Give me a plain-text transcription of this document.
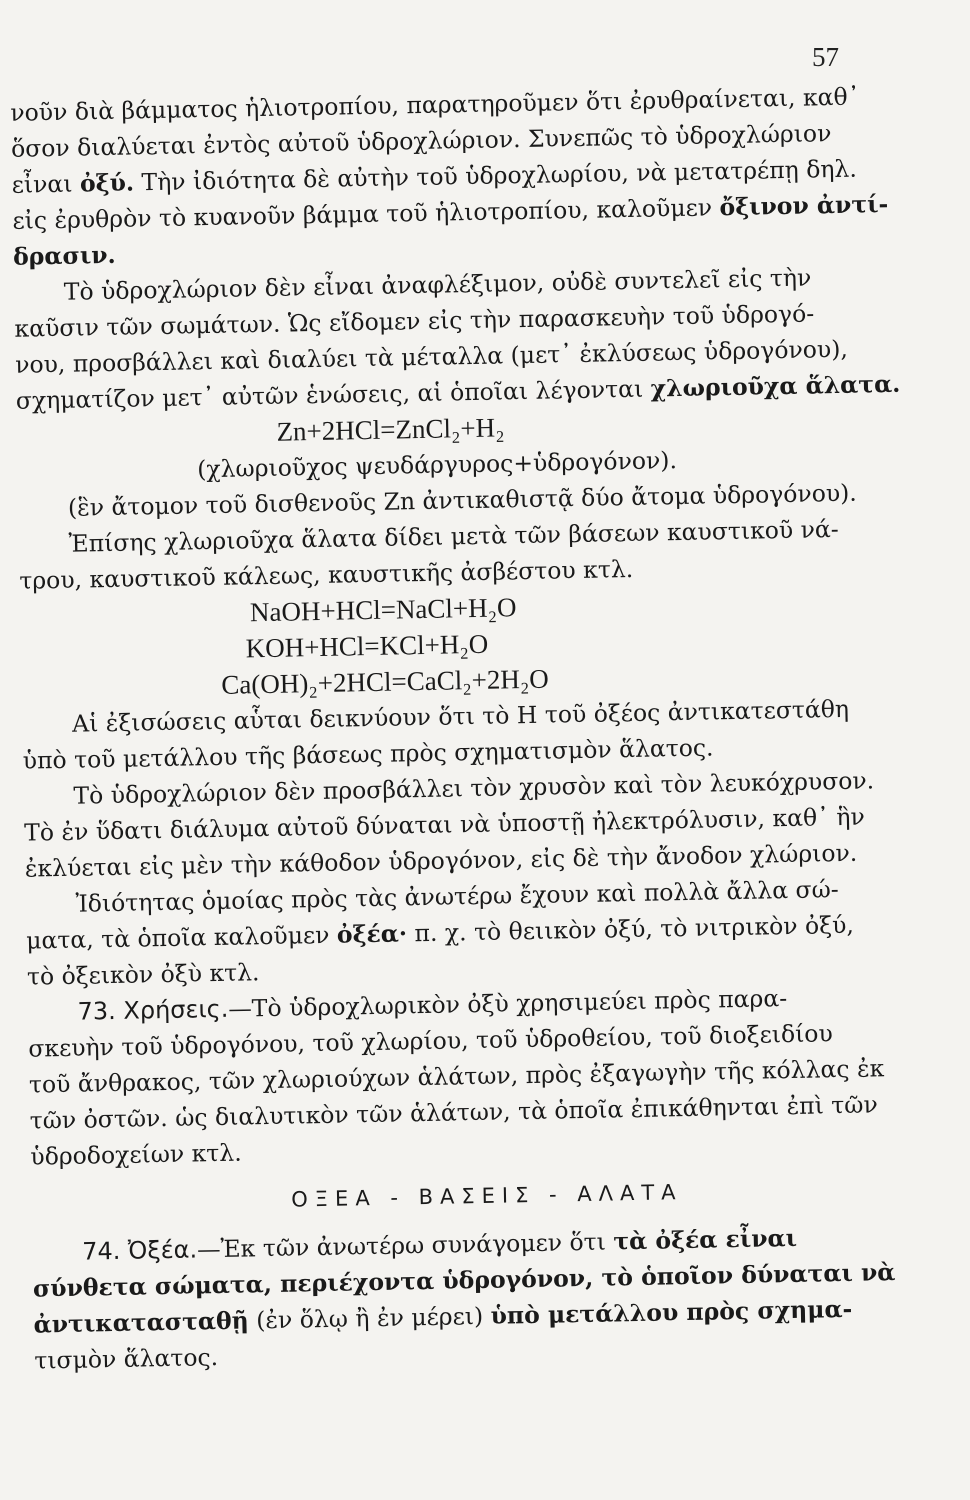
57
νοῦν διὰ βάμματος ἡλιοτροπίου, παρατηροῦμεν ὅτι ἐρυθραίνεται, καθ᾿
ὅσον διαλύεται ἐντὸς αὐτοῦ ὑδροχλώριον. Συνεπῶς τὸ ὑδροχλώριον
εἶναι ὀξύ. Τὴν ἰδιότητα δὲ αὐτὴν τοῦ ὑδροχλωρίου, νὰ μετατρέπῃ δηλ.
εἰς ἐρυθρὸν τὸ κυανοῦν βάμμα τοῦ ἡλιοτροπίου, καλοῦμεν ὄξινον ἀντί-
δρασιν.
Τὸ ὑδροχλώριον δὲν εἶναι ἀναφλέξιμον, οὐδὲ συντελεῖ εἰς τὴν
καῦσιν τῶν σωμάτων. Ὡς εἴδομεν εἰς τὴν παρασκευὴν τοῦ ὑδρογό-
νου, προσβάλλει καὶ διαλύει τὰ μέταλλα (μετ᾿ ἐκλύσεως ὑδρογόνου),
σχηματίζον μετ᾿ αὐτῶν ἑνώσεις, αἱ ὁποῖαι λέγονται χλωριοῦχα ἅλατα.
Zn+2HCl=ZnCl₂+H₂
(χλωριοῦχος ψευδάργυρος+ὑδρογόνον).
(ἓν ἄτομον τοῦ δισθενοῦς Zn ἀντικαθιστᾷ δύο ἄτομα ὑδρογόνου).
Ἐπίσης χλωριοῦχα ἅλατα δίδει μετὰ τῶν βάσεων καυστικοῦ νά-
τρου, καυστικοῦ κάλεως, καυστικῆς ἀσβέστου κτλ.
NaOH+HCl=NaCl+H₂O
KOH+HCl=KCl+H₂O
Ca(OH)₂+2HCl=CaCl₂+2H₂O
Αἱ ἐξισώσεις αὗται δεικνύουν ὅτι τὸ H τοῦ ὀξέος ἀντικατεστάθη
ὑπὸ τοῦ μετάλλου τῆς βάσεως πρὸς σχηματισμὸν ἅλατος.
Τὸ ὑδροχλώριον δὲν προσβάλλει τὸν χρυσὸν καὶ τὸν λευκόχρυσον.
Τὸ ἐν ὕδατι διάλυμα αὐτοῦ δύναται νὰ ὑποστῇ ἠλεκτρόλυσιν, καθ᾿ ἣν
ἐκλύεται εἰς μὲν τὴν κάθοδον ὑδρογόνον, εἰς δὲ τὴν ἄνοδον χλώριον.
Ἰδιότητας ὁμοίας πρὸς τὰς ἀνωτέρω ἔχουν καὶ πολλὰ ἄλλα σώ-
ματα, τὰ ὁποῖα καλοῦμεν ὀξέα· π. χ. τὸ θειικὸν ὀξύ, τὸ νιτρικὸν ὀξύ,
τὸ ὀξεικὸν ὀξὺ κτλ.
73. Χρήσεις.—Τὸ ὑδροχλωρικὸν ὀξὺ χρησιμεύει πρὸς παρα-
σκευὴν τοῦ ὑδρογόνου, τοῦ χλωρίου, τοῦ ὑδροθείου, τοῦ διοξειδίου
τοῦ ἄνθρακος, τῶν χλωριούχων ἁλάτων, πρὸς ἐξαγωγὴν τῆς κόλλας ἐκ
τῶν ὀστῶν. ὡς διαλυτικὸν τῶν ἁλάτων, τὰ ὁποῖα ἐπικάθηνται ἐπὶ τῶν
ὑδροδοχείων κτλ.
ΟΞΕΑ - ΒΑΣΕΙΣ - ΑΛΑΤΑ
74. Ὀξέα.—Ἐκ τῶν ἀνωτέρω συνάγομεν ὅτι τὰ ὀξέα εἶναι
σύνθετα σώματα, περιέχοντα ὑδρογόνον, τὸ ὁποῖον δύναται νὰ
ἀντικατασταθῇ (ἐν ὅλῳ ἢ ἐν μέρει) ὑπὸ μετάλλου πρὸς σχημα-
τισμὸν ἅλατος.
